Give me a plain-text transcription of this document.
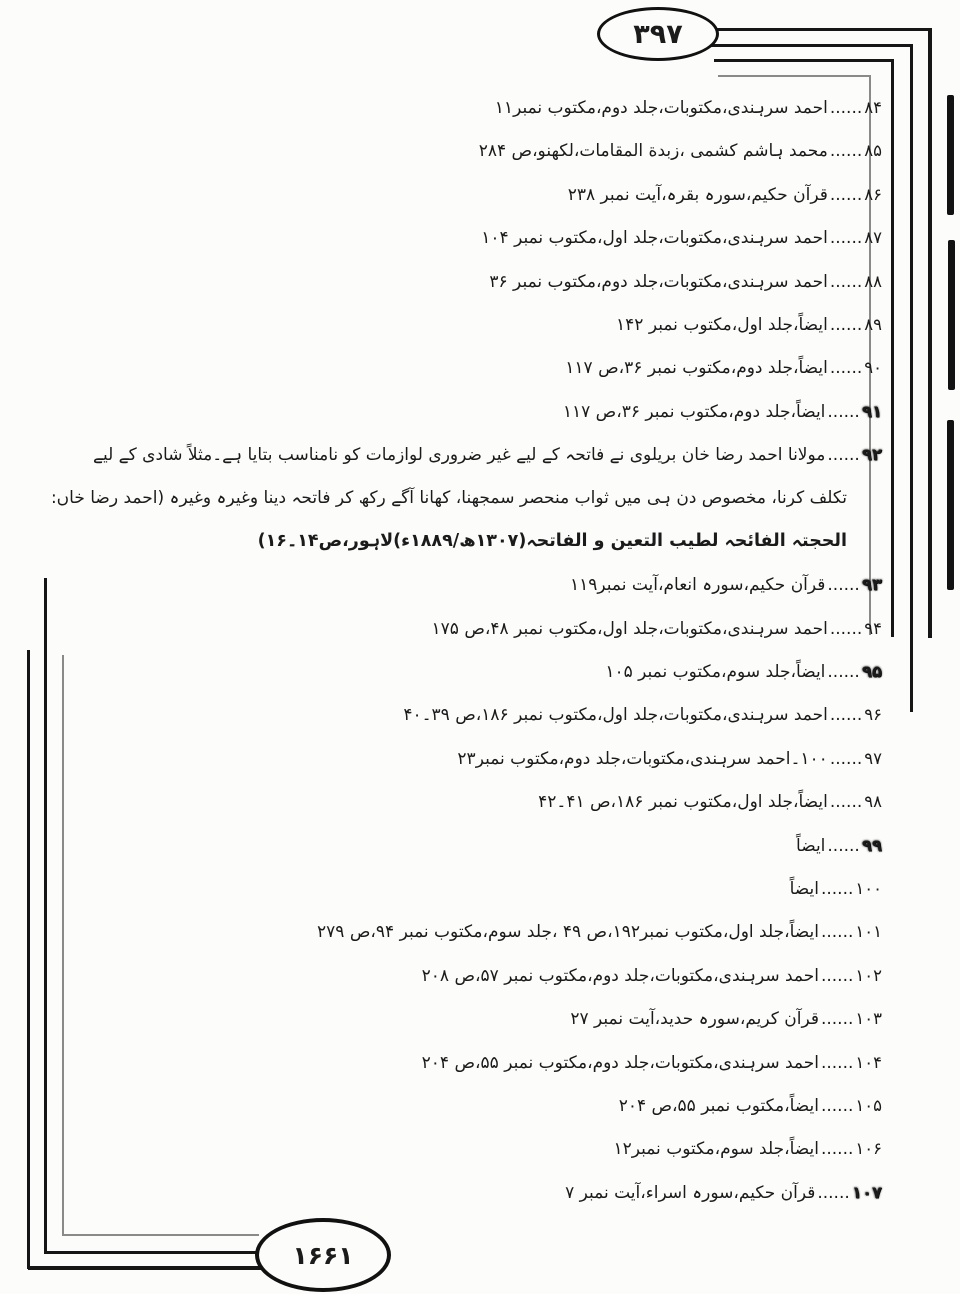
۳۹۷
۱۶۶۱
۸۴......احمد سرہندی،مکتوبات،جلد دوم،مکتوب نمبر۱۱
۸۵......محمد ہاشم کشمی ،زبدة المقامات،لکھنو،ص ۲۸۴
۸۶......قرآن حکیم،سورہ بقرہ،آیت نمبر ۲۳۸
۸۷......احمد سرہندی،مکتوبات،جلد اول،مکتوب نمبر ۱۰۴
۸۸......احمد سرہندی،مکتوبات،جلد دوم،مکتوب نمبر ۳۶
۸۹......ایضاً،جلد اول،مکتوب نمبر ۱۴۲
۹۰......ایضاً،جلد دوم،مکتوب نمبر ۳۶،ص ۱۱۷
۹۱......ایضاً،جلد دوم،مکتوب نمبر ۳۶،ص ۱۱۷
۹۲......مولانا احمد رضا خان بریلوی نے فاتحہ کے لیے غیر ضروری لوازمات کو نامناسب بتایا ہے۔مثلاً شادی کے لیے
تکلف کرنا، مخصوص دن ہی میں ثواب منحصر سمجھنا، کھانا آگے رکھ کر فاتحہ دینا وغیرہ وغیرہ (احمد رضا خاں:
الحجتہ الفائحہ لطیب التعین و الفاتحہ(۱۳۰۷ھ/۱۸۸۹ء)لاہور،ص۱۴۔۱۶)
۹۳......قرآن حکیم،سورہ انعام،آیت نمبر۱۱۹
۹۴......احمد سرہندی،مکتوبات،جلد اول،مکتوب نمبر ۴۸،ص ۱۷۵
۹۵......ایضاً،جلد سوم،مکتوب نمبر ۱۰۵
۹۶......احمد سرہندی،مکتوبات،جلد اول،مکتوب نمبر ۱۸۶،ص ۳۹۔۴۰
۹۷......۱۰۰۔احمد سرہندی،مکتوبات،جلد دوم،مکتوب نمبر۲۳
۹۸......ایضاً،جلد اول،مکتوب نمبر ۱۸۶،ص ۴۱۔۴۲
۹۹......ایضاً
۱۰۰......ایضاً
۱۰۱......ایضاً،جلد اول،مکتوب نمبر۱۹۲،ص ۴۹ ،جلد سوم،مکتوب نمبر ۹۴،ص ۲۷۹
۱۰۲......احمد سرہندی،مکتوبات،جلد دوم،مکتوب نمبر ۵۷،ص ۲۰۸
۱۰۳......قرآن کریم،سورہ حدید،آیت نمبر ۲۷
۱۰۴......احمد سرہندی،مکتوبات،جلد دوم،مکتوب نمبر ۵۵،ص ۲۰۴
۱۰۵......ایضاً،مکتوب نمبر ۵۵،ص ۲۰۴
۱۰۶......ایضاً،جلد سوم،مکتوب نمبر۱۲
۱۰۷......قرآن حکیم،سورہ اسراء،آیت نمبر ۷
